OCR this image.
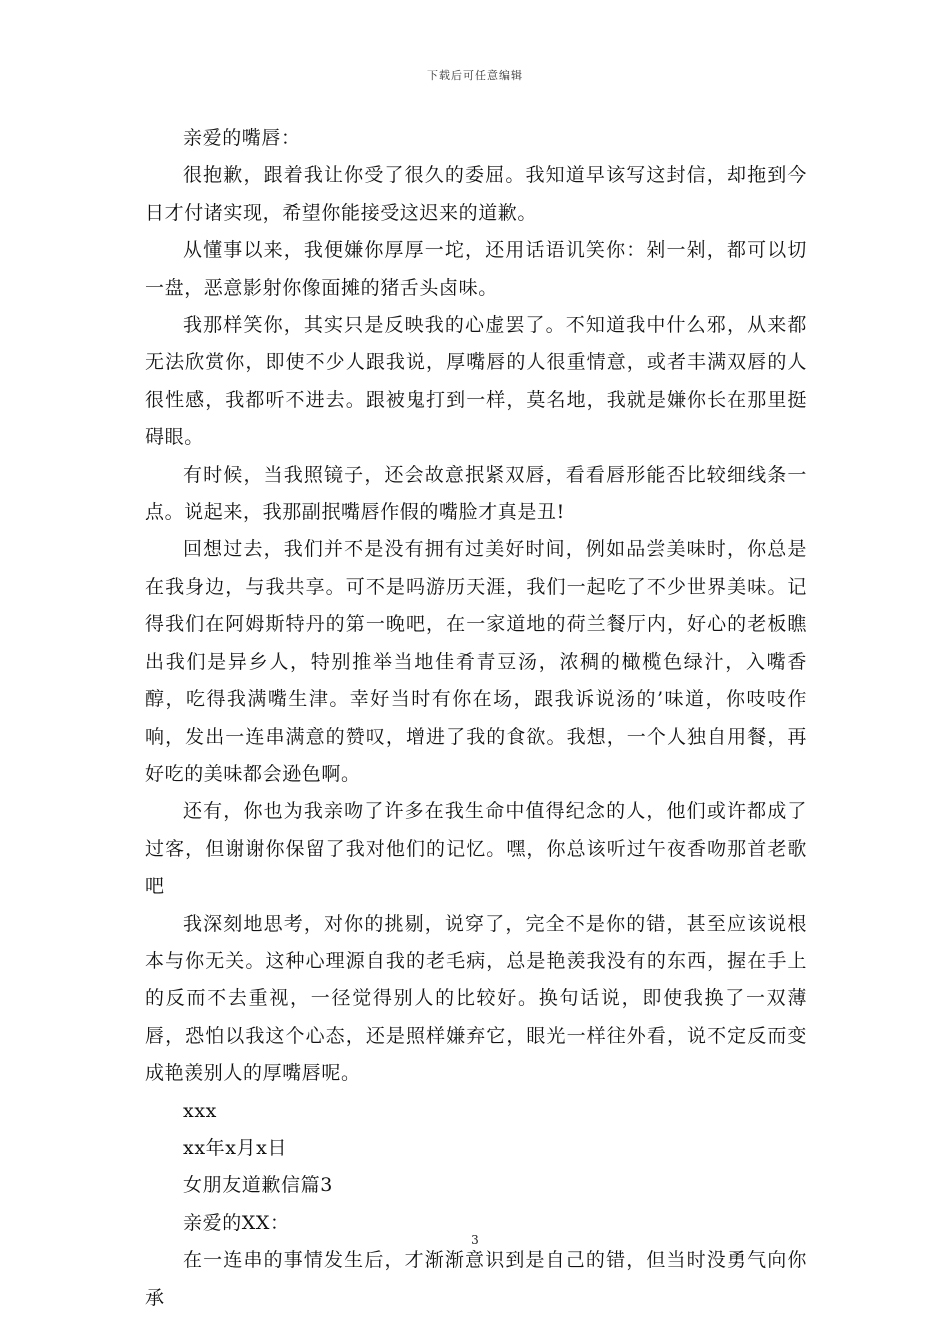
下载后可任意编辑

亲爱的嘴唇：

很抱歉，跟着我让你受了很久的委屈。我知道早该写这封信，却拖到今日才付诸实现，希望你能接受这迟来的道歉。

从懂事以来，我便嫌你厚厚一坨，还用话语讥笑你：剁一剁，都可以切一盘，恶意影射你像面摊的猪舌头卤味。

我那样笑你，其实只是反映我的心虚罢了。不知道我中什么邪，从来都无法欣赏你，即使不少人跟我说，厚嘴唇的人很重情意，或者丰满双唇的人很性感，我都听不进去。跟被鬼打到一样，莫名地，我就是嫌你长在那里挺碍眼。

有时候，当我照镜子，还会故意抿紧双唇，看看唇形能否比较细线条一点。说起来，我那副抿嘴唇作假的嘴脸才真是丑!

回想过去，我们并不是没有拥有过美好时间，例如品尝美味时，你总是在我身边，与我共享。可不是吗游历天涯，我们一起吃了不少世界美味。记得我们在阿姆斯特丹的第一晚吧，在一家道地的荷兰餐厅内，好心的老板瞧出我们是异乡人，特别推举当地佳肴青豆汤，浓稠的橄榄色绿汁，入嘴香醇，吃得我满嘴生津。幸好当时有你在场，跟我诉说汤的’味道，你吱吱作响，发出一连串满意的赞叹，增进了我的食欲。我想，一个人独自用餐，再好吃的美味都会逊色啊。

还有，你也为我亲吻了许多在我生命中值得纪念的人，他们或许都成了过客，但谢谢你保留了我对他们的记忆。嘿，你总该听过午夜香吻那首老歌吧

我深刻地思考，对你的挑剔，说穿了，完全不是你的错，甚至应该说根本与你无关。这种心理源自我的老毛病，总是艳羡我没有的东西，握在手上的反而不去重视，一径觉得别人的比较好。换句话说，即使我换了一双薄唇，恐怕以我这个心态，还是照样嫌弃它，眼光一样往外看，说不定反而变成艳羡别人的厚嘴唇呢。

xxx

xx年x月x日

女朋友道歉信篇3

亲爱的XX：

在一连串的事情发生后，才渐渐意识到是自己的错，但当时没勇气向你承

3
